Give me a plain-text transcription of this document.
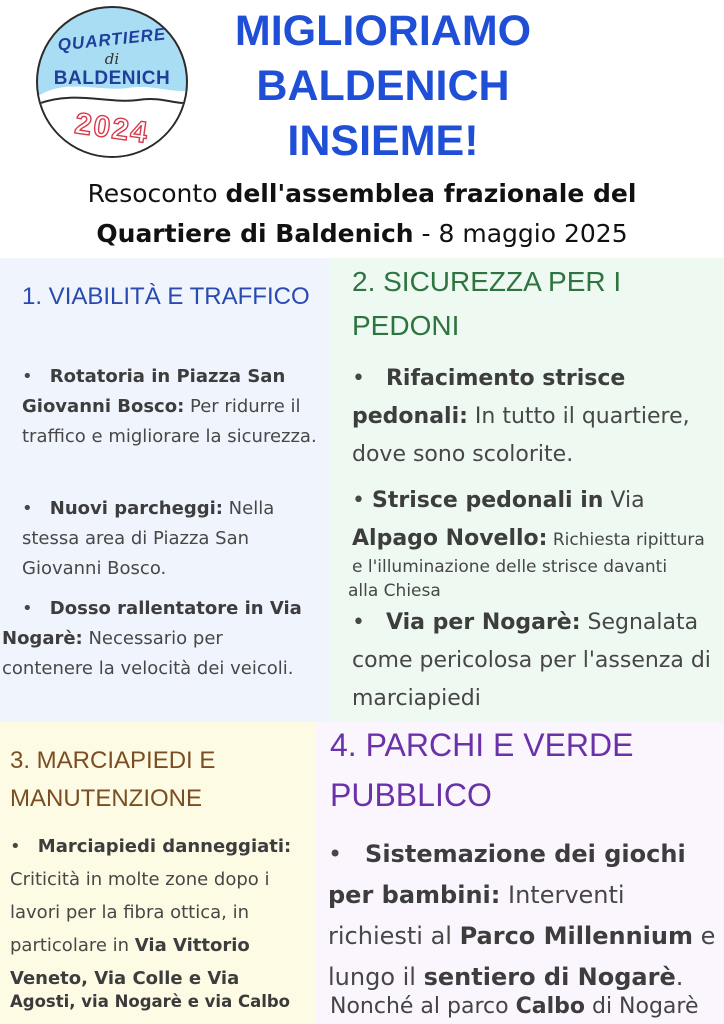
QUARTIERE
di
BALDENICH
2024
MIGLIORIAMO
BALDENICH
INSIEME!
Resoconto dell'assemblea frazionale del
Quartiere di Baldenich - 8 maggio 2025
1. VIABILITÀ E TRAFFICO
•   Rotatoria in Piazza San Giovanni Bosco: Per ridurre il traffico e migliorare la sicurezza.
•   Nuovi parcheggi: Nella stessa area di Piazza San Giovanni Bosco.
•   Dosso rallentatore in Via
Nogarè: Necessario per contenere la velocità dei veicoli.
2. SICUREZZA PER I PEDONI
•   Rifacimento strisce pedonali: In tutto il quartiere, dove sono scolorite.
• Strisce pedonali in Via
Alpago Novello: Richiesta ripittura
e l'illuminazione delle strisce davanti
alla Chiesa
•   Via per Nogarè: Segnalata come pericolosa per l'assenza di marciapiedi
3. MARCIAPIEDI E MANUTENZIONE
•   Marciapiedi danneggiati: Criticità in molte zone dopo i lavori per la fibra ottica, in particolare in Via Vittorio Veneto, Via Colle e Via
Agosti, via Nogarè e via Calbo
4. PARCHI E VERDE PUBBLICO
•   Sistemazione dei giochi per bambini: Interventi richiesti al Parco Millennium e lungo il sentiero di Nogarè.
Nonché al parco Calbo di Nogarè
